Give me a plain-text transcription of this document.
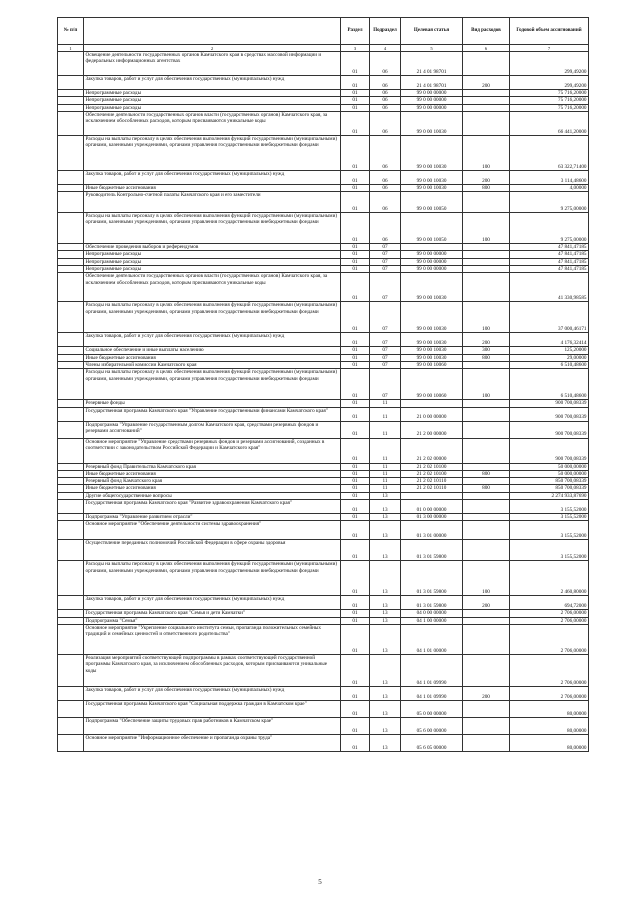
№ п/п		Раздел	Подраздел	Целевая статья	Вид расходов	Годовой объем ассигнований
1	2	3	4	5	6	7
	Освещение деятельности государственных органов Камчатского края в средствах массовой информации и федеральных информационных агентствах	01	06	21 4 01 98701		299,49200
	Закупка товаров, работ и услуг для обеспечения государственных (муниципальных) нужд	01	06	21 4 01 98701	200	299,49200
	Непрограммные расходы	01	06	99 0 00 00000		75 716,20000
	Непрограммные расходы	01	06	99 0 00 00000		75 716,20000
	Непрограммные расходы	01	06	99 0 00 00000		75 716,20000
	Обеспечение деятельности государственных органов власти (государственных органов) Камчатского края, за исключением обособленных расходов, которым присваиваются уникальные коды	01	06	99 0 00 10030		66 441,20000
	Расходы на выплаты персоналу в целях обеспечения выполнения функций государственными (муниципальными) органами, казенными учреждениями, органами управления государственными внебюджетными фондами	01	06	99 0 00 10030	100	63 322,71400
	Закупка товаров, работ и услуг для обеспечения государственных (муниципальных) нужд	01	06	99 0 00 10030	200	3 114,48600
	Иные бюджетные ассигнования	01	06	99 0 00 10030	800	4,00000
	Руководитель Контрольно-счетной палаты Камчатского края и его заместители	01	06	99 0 00 10050		9 275,00000
	Расходы на выплаты персоналу в целях обеспечения выполнения функций государственными (муниципальными) органами, казенными учреждениями, органами управления государственными внебюджетными фондами	01	06	99 0 00 10050	100	9 275,00000
	Обеспечение проведения выборов и референдумов	01	07			47 841,47185
	Непрограммные расходы	01	07	99 0 00 00000		47 841,47185
	Непрограммные расходы	01	07	99 0 00 00000		47 841,47185
	Непрограммные расходы	01	07	99 0 00 00000		47 841,47185
	Обеспечение деятельности государственных органов власти (государственных органов) Камчатского края, за исключением обособленных расходов, которым присваиваются уникальные коды	01	07	99 0 00 10030		41 330,98585
	Расходы на выплаты персоналу в целях обеспечения выполнения функций государственными (муниципальными) органами, казенными учреждениями, органами управления государственными внебюджетными фондами	01	07	99 0 00 10030	100	37 000,46171
	Закупка товаров, работ и услуг для обеспечения государственных (муниципальных) нужд	01	07	99 0 00 10030	200	4 176,32414
	Социальное обеспечение и иные выплаты населению	01	07	99 0 00 10030	300	125,20000
	Иные бюджетные ассигнования	01	07	99 0 00 10030	800	29,00000
	Члены избирательной комиссии Камчатского края	01	07	99 0 00 10060		6 510,48600
	Расходы на выплаты персоналу в целях обеспечения выполнения функций государственными (муниципальными) органами, казенными учреждениями, органами управления государственными внебюджетными фондами	01	07	99 0 00 10060	100	6 510,48600
	Резервные фонды	01	11			900 700,08339
	Государственная программа Камчатского края "Управление государственными финансами Камчатского края"	01	11	21 0 00 00000		900 700,08339
	Подпрограмма "Управление государственным долгом Камчатского края, средствами резервных фондов и резервами ассигнований"	01	11	21 2 00 00000		900 700,08339
	Основное мероприятие "Управление средствами резервных фондов и резервами ассигнований, созданных в соответствии с законодательством Российской Федерации и Камчатского края"	01	11	21 2 02 00000		900 700,08339
	Резервный фонд Правительства Камчатского края	01	11	21 2 02 10100		50 000,00000
	Иные бюджетные ассигнования	01	11	21 2 02 10100	800	50 000,00000
	Резервный фонд Камчатского края	01	11	21 2 02 10110		850 700,08339
	Иные бюджетные ассигнования	01	11	21 2 02 10110	800	850 700,08339
	Другие общегосударственные вопросы	01	13			2 274 933,87690
	Государственная программа Камчатского края "Развитие здравоохранения Камчатского края"	01	13	01 0 00 00000		3 155,52000
	Подпрограмма "Управление развитием отрасли"	01	13	01 3 00 00000		3 155,52000
	Основное мероприятие "Обеспечение деятельности системы здравоохранения"	01	13	01 3 01 00000		3 155,52000
	Осуществление переданных полномочий Российской Федерации в сфере охраны здоровья	01	13	01 3 01 59800		3 155,52000
	Расходы на выплаты персоналу в целях обеспечения выполнения функций государственными (муниципальными) органами, казенными учреждениями, органами управления государственными внебюджетными фондами	01	13	01 3 01 59800	100	2 460,80000
	Закупка товаров, работ и услуг для обеспечения государственных (муниципальных) нужд	01	13	01 3 01 59800	200	694,72000
	Государственная программа Камчатского края "Семья и дети Камчатки"	01	13	04 0 00 00000		2 706,00000
	Подпрограмма "Семья"	01	13	04 1 00 00000		2 706,00000
	Основное мероприятие "Укрепление социального института семьи, пропаганда положительных семейных традиций и семейных ценностей и ответственного родительства"	01	13	04 1 01 00000		2 706,00000
	Реализация мероприятий соответствующей подпрограммы в рамках соответствующей государственной программы Камчатского края, за исключением обособленных расходов, которым присваиваются уникальные коды	01	13	04 1 01 09990		2 706,00000
	Закупка товаров, работ и услуг для обеспечения государственных (муниципальных) нужд	01	13	04 1 01 09990	200	2 706,00000
	Государственная программа Камчатского края "Социальная поддержка граждан в Камчатском крае"	01	13	05 0 00 00000		80,00000
	Подпрограмма "Обеспечение защиты трудовых прав работников в Камчатском крае"	01	13	05 6 00 00000		80,00000
	Основное мероприятие "Информационное обеспечение и пропаганда охраны труда"	01	13	05 6 05 00000		80,00000
5
